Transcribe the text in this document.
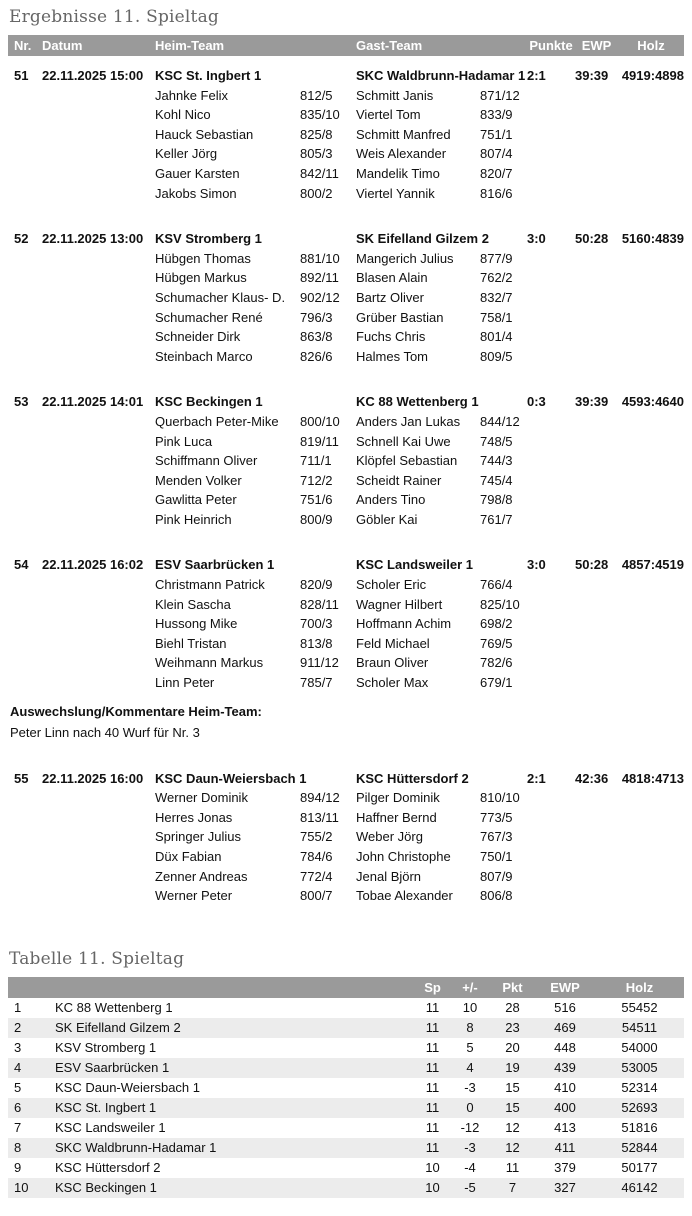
Ergebnisse 11. Spieltag
Nr. Datum	Heim-Team	Gast-Team	Punkte EWP	Holz
51	22.11.2025 15:00 KSC St. Ingbert 1	SKC Waldbrunn-Hadamar 1 2:1	39:39	4919:4898
Jahnke Felix	812/5	Schmitt Janis	871/12
Kohl Nico	835/10	Viertel Tom	833/9
Hauck Sebastian	825/8	Schmitt Manfred	751/1
Keller Jörg	805/3	Weis Alexander	807/4
Gauer Karsten	842/11	Mandelik Timo	820/7
Jakobs Simon	800/2	Viertel Yannik	816/6
52	22.11.2025 13:00 KSV Stromberg 1	SK Eifelland Gilzem 2	3:0	50:28	5160:4839
Hübgen Thomas	881/10	Mangerich Julius	877/9
Hübgen Markus	892/11	Blasen Alain	762/2
Schumacher Klaus- D.	902/12	Bartz Oliver	832/7
Schumacher René	796/3	Grüber Bastian	758/1
Schneider Dirk	863/8	Fuchs Chris	801/4
Steinbach Marco	826/6	Halmes Tom	809/5
53	22.11.2025 14:01 KSC Beckingen 1	KC 88 Wettenberg 1	0:3	39:39	4593:4640
Querbach Peter-Mike	800/10	Anders Jan Lukas	844/12
Pink Luca	819/11	Schnell Kai Uwe	748/5
Schiffmann Oliver	711/1	Klöpfel Sebastian	744/3
Menden Volker	712/2	Scheidt Rainer	745/4
Gawlitta Peter	751/6	Anders Tino	798/8
Pink Heinrich	800/9	Göbler Kai	761/7
54	22.11.2025 16:02 ESV Saarbrücken 1	KSC Landsweiler 1	3:0	50:28	4857:4519
Christmann Patrick	820/9	Scholer Eric	766/4
Klein Sascha	828/11	Wagner Hilbert	825/10
Hussong Mike	700/3	Hoffmann Achim	698/2
Biehl Tristan	813/8	Feld Michael	769/5
Weihmann Markus	911/12	Braun Oliver	782/6
Linn Peter	785/7	Scholer Max	679/1
Auswechslung/Kommentare Heim-Team:
Peter Linn nach 40 Wurf für Nr. 3
55	22.11.2025 16:00 KSC Daun-Weiersbach 1	KSC Hüttersdorf 2	2:1	42:36	4818:4713
Werner Dominik	894/12	Pilger Dominik	810/10
Herres Jonas	813/11	Haffner Bernd	773/5
Springer Julius	755/2	Weber Jörg	767/3
Düx Fabian	784/6	John Christophe	750/1
Zenner Andreas	772/4	Jenal Björn	807/9
Werner Peter	800/7	Tobae Alexander	806/8
Tabelle 11. Spieltag
Sp	+/-	Pkt	EWP	Holz
1	KC 88 Wettenberg 1	11	10	28	516	55452
2	SK Eifelland Gilzem 2	11	8	23	469	54511
3	KSV Stromberg 1	11	5	20	448	54000
4	ESV Saarbrücken 1	11	4	19	439	53005
5	KSC Daun-Weiersbach 1	11	-3	15	410	52314
6	KSC St. Ingbert 1	11	0	15	400	52693
7	KSC Landsweiler 1	11	-12	12	413	51816
8	SKC Waldbrunn-Hadamar 1	11	-3	12	411	52844
9	KSC Hüttersdorf 2	10	-4	11	379	50177
10	KSC Beckingen 1	10	-5	7	327	46142
